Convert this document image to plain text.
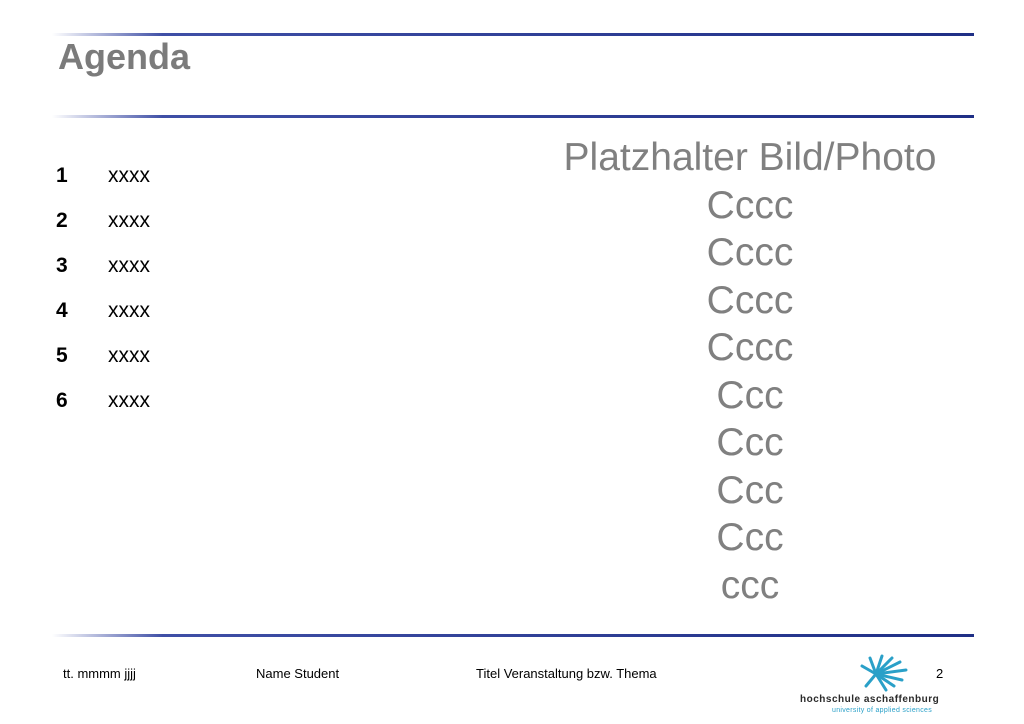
Agenda
1	xxxx
2	xxxx
3	xxxx
4	xxxx
5	xxxx
6	xxxx
Platzhalter Bild/Photo
Cccc
Cccc
Cccc
Cccc
Ccc
Ccc
Ccc
Ccc
ccc
tt. mmmm jjjj	Name Student	Titel Veranstaltung bzw. Thema	2
hochschule aschaffenburg
university of applied sciences
